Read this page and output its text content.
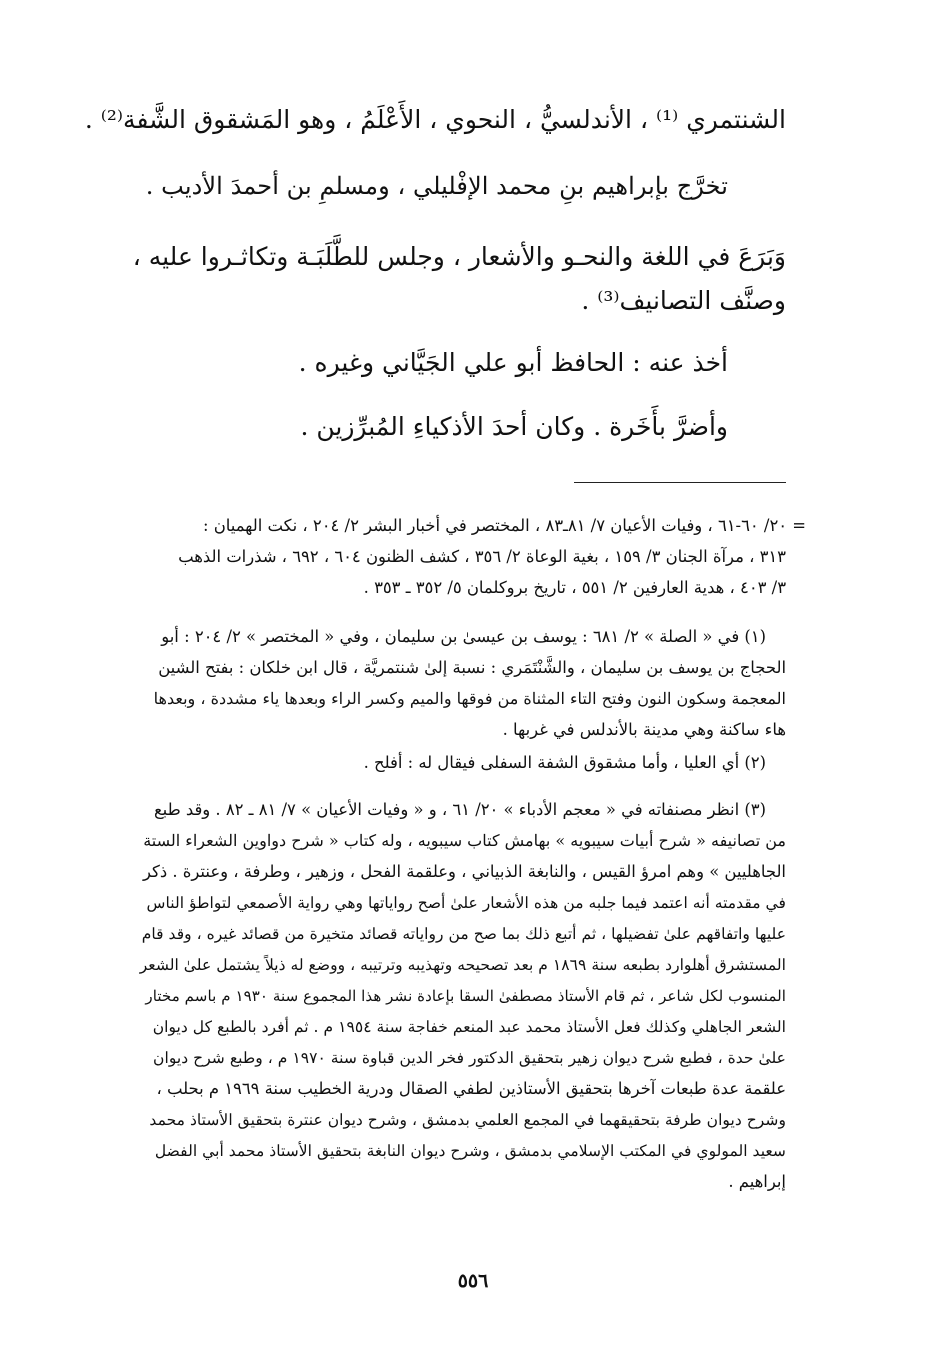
الشنتمري ⁽¹⁾ ، الأندلسيُّ ، النحوي ، الأَعْلَمُ ، وهو المَشقوق الشَّفة⁽²⁾ .
تخرَّج بإبراهيم بنِ محمد الإفْليلي ، ومسلمِ بن أحمدَ الأديب .
وَبَرَعَ في اللغة والنحـو والأشعار ، وجلس للطَّلَبَـة وتكاثـروا عليه ،
وصنَّف التصانيف⁽³⁾ .
أخذ عنه : الحافظ أبو علي الجَيَّاني وغيره .
وأضرَّ بأَخَرة . وكان أحدَ الأذكياءِ المُبرِّزين .
= ٢٠/ ٦٠-٦١ ، وفيات الأعيان ٧/ ٨١ـ٨٣ ، المختصر في أخبار البشر ٢/ ٢٠٤ ، نكت الهميان :
٣١٣ ، مرآة الجنان ٣/ ١٥٩ ، بغية الوعاة ٢/ ٣٥٦ ، كشف الظنون ٦٠٤ ، ٦٩٢ ، شذرات الذهب
٣/ ٤٠٣ ، هدية العارفين ٢/ ٥٥١ ، تاريخ بروكلمان ٥/ ٣٥٢ ـ ٣٥٣ .
(١) في « الصلة » ٢/ ٦٨١ : يوسف بن عيسىٰ بن سليمان ، وفي « المختصر » ٢/ ٢٠٤ : أبو
الحجاج بن يوسف بن سليمان ، والشَّنْتَمَري : نسبة إلىٰ شنتمريَّة ، قال ابن خلكان : بفتح الشين
المعجمة وسكون النون وفتح التاء المثناة من فوقها والميم وكسر الراء وبعدها ياء مشددة ، وبعدها
هاء ساكنة وهي مدينة بالأندلس في غربها .
(٢) أي العليا ، وأما مشقوق الشفة السفلى فيقال له : أفلح .
(٣) انظر مصنفاته في « معجم الأدباء » ٢٠/ ٦١ ، و « وفيات الأعيان » ٧/ ٨١ ـ ٨٢ . وقد طبع
من تصانيفه « شرح أبيات سيبويه » بهامش كتاب سيبويه ، وله كتاب « شرح دواوين الشعراء الستة
الجاهليين » وهم امرؤ القيس ، والنابغة الذبياني ، وعلقمة الفحل ، وزهير ، وطرفة ، وعنترة . ذكر
في مقدمته أنه اعتمد فيما جلبه من هذه الأشعار علىٰ أصح رواياتها وهي رواية الأصمعي لتواطؤ الناس
عليها واتفاقهم علىٰ تفضيلها ، ثم أتبع ذلك بما صح من رواياته قصائد متخيرة من قصائد غيره ، وقد قام
المستشرق أهلوارد بطبعه سنة ١٨٦٩ م بعد تصحيحه وتهذيبه وترتيبه ، ووضع له ذيلاً يشتمل علىٰ الشعر
المنسوب لكل شاعر ، ثم قام الأستاذ مصطفىٰ السقا بإعادة نشر هذا المجموع سنة ١٩٣٠ م باسم مختار
الشعر الجاهلي وكذلك فعل الأستاذ محمد عبد المنعم خفاجة سنة ١٩٥٤ م . ثم أفرد بالطبع كل ديوان
علىٰ حدة ، فطبع شرح ديوان زهير بتحقيق الدكتور فخر الدين قباوة سنة ١٩٧٠ م ، وطبع شرح ديوان
علقمة عدة طبعات آخرها بتحقيق الأستاذين لطفي الصقال ودرية الخطيب سنة ١٩٦٩ م بحلب ،
وشرح ديوان طرفة بتحقيقهما في المجمع العلمي بدمشق ، وشرح ديوان عنترة بتحقيق الأستاذ محمد
سعيد المولوي في المكتب الإسلامي بدمشق ، وشرح ديوان النابغة بتحقيق الأستاذ محمد أبي الفضل
إبراهيم .
٥٥٦
